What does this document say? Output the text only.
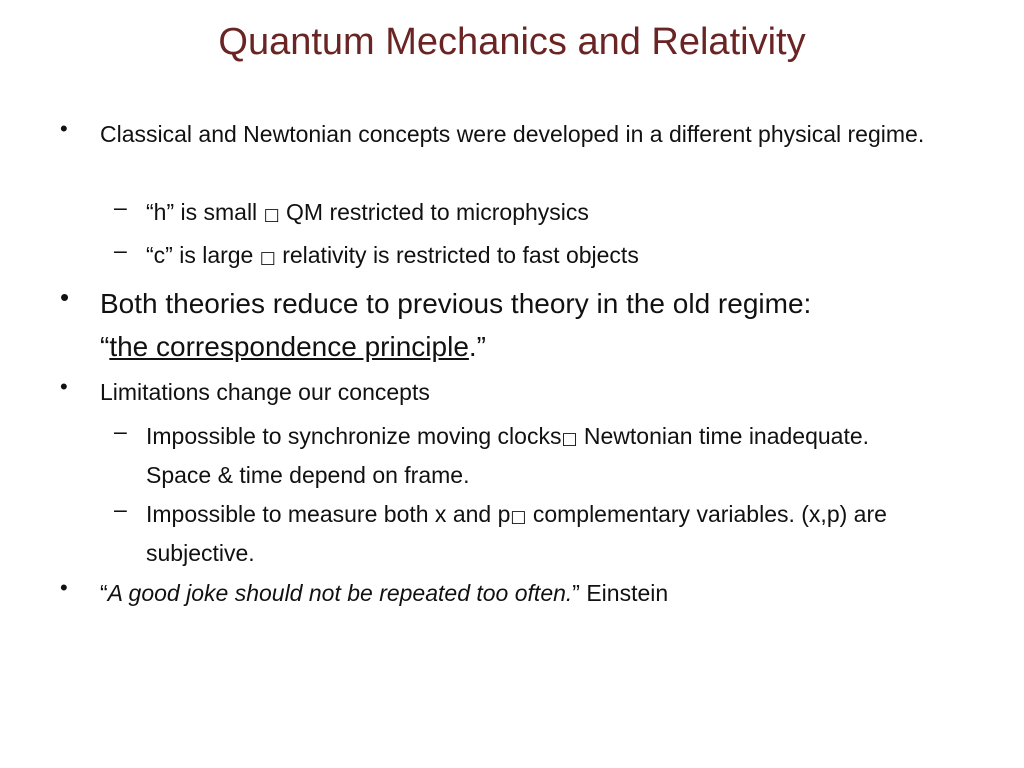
Quantum Mechanics and Relativity
•	Classical and Newtonian concepts were developed in a different physical regime.
– “h” is small □ QM restricted to microphysics
– “c” is large □ relativity is restricted to fast objects
•	Both theories reduce to previous theory in the old regime:
“the correspondence principle.”
•	Limitations change our concepts
– Impossible to synchronize moving clocks□ Newtonian time inadequate. Space & time depend on frame.
– Impossible to measure both x and p□ complementary variables. (x,p) are subjective.
•	“A good joke should not be repeated too often.” Einstein
